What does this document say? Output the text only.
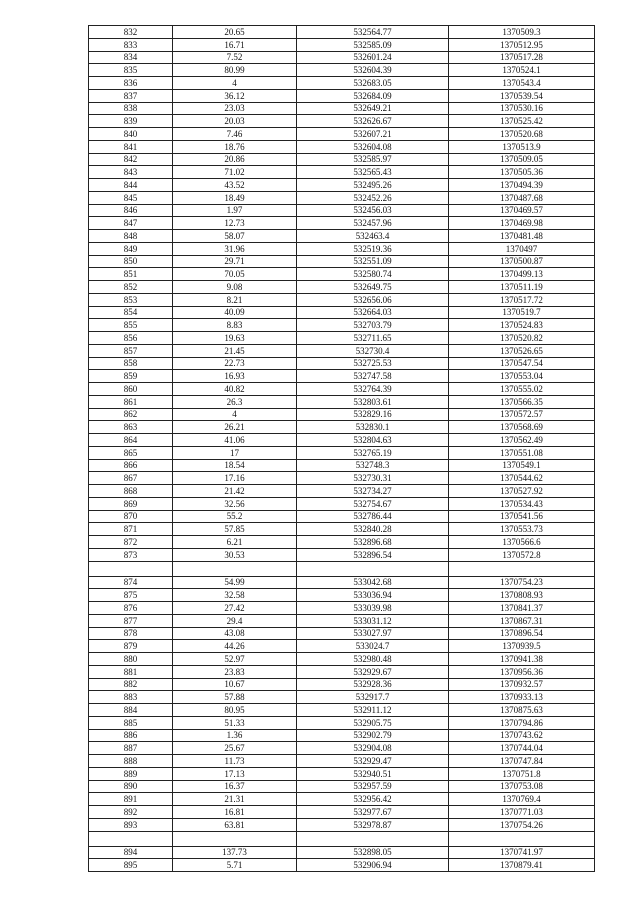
832	20.65	532564.77	1370509.3
833	16.71	532585.09	1370512.95
834	7.52	532601.24	1370517.28
835	80.99	532604.39	1370524.1
836	4	532683.05	1370543.4
837	36.12	532684.09	1370539.54
838	23.03	532649.21	1370530.16
839	20.03	532626.67	1370525.42
840	7.46	532607.21	1370520.68
841	18.76	532604.08	1370513.9
842	20.86	532585.97	1370509.05
843	71.02	532565.43	1370505.36
844	43.52	532495.26	1370494.39
845	18.49	532452.26	1370487.68
846	1.97	532456.03	1370469.57
847	12.73	532457.96	1370469.98
848	58.07	532463.4	1370481.48
849	31.96	532519.36	1370497
850	29.71	532551.09	1370500.87
851	70.05	532580.74	1370499.13
852	9.08	532649.75	1370511.19
853	8.21	532656.06	1370517.72
854	40.09	532664.03	1370519.7
855	8.83	532703.79	1370524.83
856	19.63	532711.65	1370520.82
857	21.45	532730.4	1370526.65
858	22.73	532725.53	1370547.54
859	16.93	532747.58	1370553.04
860	40.82	532764.39	1370555.02
861	26.3	532803.61	1370566.35
862	4	532829.16	1370572.57
863	26.21	532830.1	1370568.69
864	41.06	532804.63	1370562.49
865	17	532765.19	1370551.08
866	18.54	532748.3	1370549.1
867	17.16	532730.31	1370544.62
868	21.42	532734.27	1370527.92
869	32.56	532754.67	1370534.43
870	55.2	532786.44	1370541.56
871	57.85	532840.28	1370553.73
872	6.21	532896.68	1370566.6
873	30.53	532896.54	1370572.8

874	54.99	533042.68	1370754.23
875	32.58	533036.94	1370808.93
876	27.42	533039.98	1370841.37
877	29.4	533031.12	1370867.31
878	43.08	533027.97	1370896.54
879	44.26	533024.7	1370939.5
880	52.97	532980.48	1370941.38
881	23.83	532929.67	1370956.36
882	10.67	532928.36	1370932.57
883	57.88	532917.7	1370933.13
884	80.95	532911.12	1370875.63
885	51.33	532905.75	1370794.86
886	1.36	532902.79	1370743.62
887	25.67	532904.08	1370744.04
888	11.73	532929.47	1370747.84
889	17.13	532940.51	1370751.8
890	16.37	532957.59	1370753.08
891	21.31	532956.42	1370769.4
892	16.81	532977.67	1370771.03
893	63.81	532978.87	1370754.26

894	137.73	532898.05	1370741.97
895	5.71	532906.94	1370879.41
